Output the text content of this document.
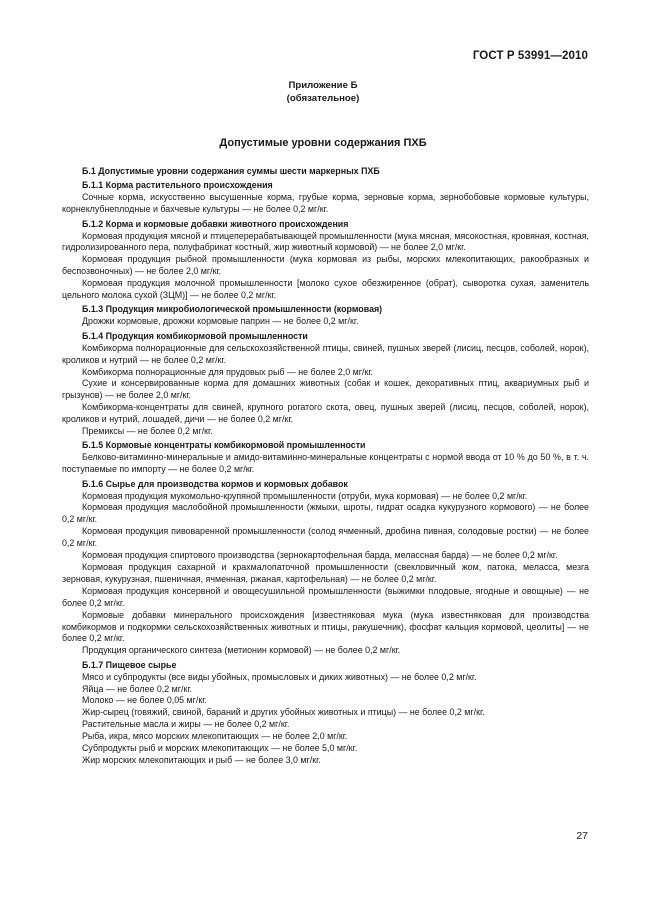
ГОСТ Р 53991—2010
Приложение Б
(обязательное)
Допустимые уровни содержания ПХБ

Б.1 Допустимые уровни содержания суммы шести маркерных ПХБ

Б.1.1 Корма растительного происхождения

Сочные корма, искусственно высушенные корма, грубые корма, зерновые корма, зернобобовые кормовые культуры, корнеклубнеплодные и бахчевые культуры — не более 0,2 мг/кг.

Б.1.2 Корма и кормовые добавки животного происхождения

Кормовая продукция мясной и птицеперерабатывающей промышленности (мука мясная, мясокостная, кровяная, костная, гидролизированного пера, полуфабрикат костный, жир животный кормовой) — не более 2,0 мг/кг.

Кормовая продукция рыбной промышленности (мука кормовая из рыбы, морских млекопитающих, ракообразных и беспозвоночных) — не более 2,0 мг/кг.

Кормовая продукция молочной промышленности [молоко сухое обезжиренное (обрат), сыворотка сухая, заменитель цельного молока сухой (ЗЦМ)] — не более 0,2 мг/кг.

Б.1.3 Продукция микробиологической промышленности (кормовая)

Дрожжи кормовые, дрожжи кормовые паприн — не более 0,2 мг/кг.

Б.1.4 Продукция комбикормовой промышленности

Комбикорма полнорационные для сельскохозяйственной птицы, свиней, пушных зверей (лисиц, песцов, соболей, норок), кроликов и нутрий — не более 0,2 мг/кг.

Комбикорма полнорационные для прудовых рыб — не более 2,0 мг/кг.

Сухие и консервированные корма для домашних животных (собак и кошек, декоративных птиц, аквариумных рыб и грызунов) — не более 2,0 мг/кг.

Комбикорма-концентраты для свиней, крупного рогатого скота, овец, пушных зверей (лисиц, песцов, соболей, норок), кроликов и нутрий, лошадей, дичи — не более 0,2 мг/кг.

Премиксы — не более 0,2 мг/кг.

Б.1.5 Кормовые концентраты комбикормовой промышленности

Белково-витаминно-минеральные и амидо-витаминно-минеральные концентраты с нормой ввода от 10 % до 50 %, в т. ч. поступаемые по импорту — не более 0,2 мг/кг.

Б.1.6 Сырье для производства кормов и кормовых добавок

Кормовая продукция мукомольно-крупяной промышленности (отруби, мука кормовая) — не более 0,2 мг/кг.

Кормовая продукция маслобойной промышленности (жмыхи, шроты, гидрат осадка кукурузного кормового) — не более 0,2 мг/кг.

Кормовая продукция пивоваренной промышленности (солод ячменный, дробина пивная, солодовые ростки) — не более 0,2 мг/кг.

Кормовая продукция спиртового производства (зернокартофельная барда, мелассная барда) — не более 0,2 мг/кг.

Кормовая продукция сахарной и крахмалопаточной промышленности (свекловичный жом, патока, меласса, мезга зерновая, кукурузная, пшеничная, ячменная, ржаная, картофельная) — не более 0,2 мг/кг.

Кормовая продукция консервной и овощесушильной промышленности (выжимки плодовые, ягодные и овощные) — не более 0,2 мг/кг.

Кормовые добавки минерального происхождения [известняковая мука (мука известняковая для производства комбикормов и подкормки сельскохозяйственных животных и птицы, ракушечник), фосфат кальция кормовой, цеолиты] — не более 0,2 мг/кг.

Продукция органического синтеза (метионин кормовой) — не более 0,2 мг/кг.

Б.1.7 Пищевое сырье

Мясо и субпродукты (все виды убойных, промысловых и диких животных) — не более 0,2 мг/кг.

Яйца — не более 0,2 мг/кг.

Молоко — не более 0,05 мг/кг.

Жир-сырец (говяжий, свиной, бараний и других убойных животных и птицы) — не более 0,2 мг/кг.

Растительные масла и жиры — не более 0,2 мг/кг.

Рыба, икра, мясо морских млекопитающих — не более 2,0 мг/кг.

Субпродукты рыб и морских млекопитающих — не более 5,0 мг/кг.

Жир морских млекопитающих и рыб — не более 3,0 мг/кг.

27
